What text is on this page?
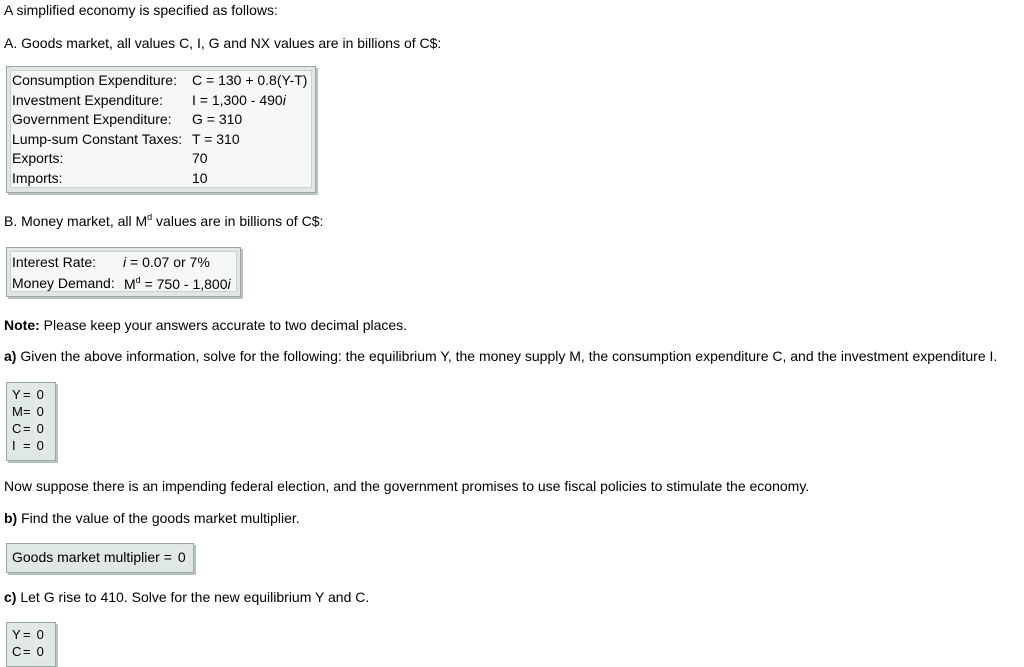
A simplified economy is specified as follows:
A. Goods market, all values C, I, G and NX values are in billions of C$:
Consumption Expenditure: C = 130 + 0.8(Y-T)
Investment Expenditure: I = 1,300 - 490i
Government Expenditure: G = 310
Lump-sum Constant Taxes: T = 310
Exports:	70
Imports:	10
B. Money market, all $M^d$ values are in billions of C$:
Interest Rate: i = 0.07 or 7%
Money Demand: $M^d = 750 - 1,800i$
Note: Please keep your answers accurate to two decimal places.
a) Given the above information, solve for the following: the equilibrium Y, the money supply M, the consumption expenditure C, and the investment expenditure I.
Y = 0
M= 0
C = 0
I = 0
Now suppose there is an impending federal election, and the government promises to use fiscal policies to stimulate the economy.
b) Find the value of the goods market multiplier.
Goods market multiplier = 0
c) Let G rise to 410. Solve for the new equilibrium Y and C.
Y = 0
C = 0
